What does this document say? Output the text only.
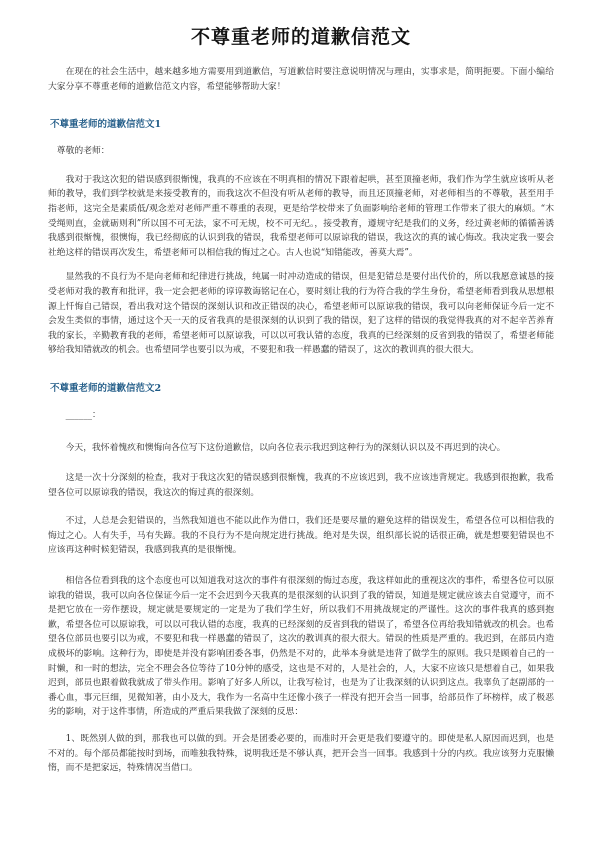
不尊重老师的道歉信范文

在现在的社会生活中，越来越多地方需要用到道歉信，写道歉信时要注意说明情况与理由，实事求是，简明扼要。下面小编给大家分享不尊重老师的道歉信范文内容，希望能够帮助大家！

不尊重老师的道歉信范文1

尊敬的老师：

我对于我这次犯的错误感到很惭愧，我真的不应该在不明真相的情况下跟着起哄，甚至顶撞老师，我们作为学生就应该听从老师的教导，我们到学校就是来接受教育的，而我这次不但没有听从老师的教导，而且还顶撞老师，对老师相当的不尊敬，甚至用手指老师，这完全是素质低/观念差对老师严重不尊重的表现，更是给学校带来了负面影响给老师的管理工作带来了很大的麻烦。“木受绳则直，金就砺则利”所以国不可无法，家不可无规，校不可无纪。，接受教育，遵规守纪是我们的义务，经过黄老师的循循善诱我感到很惭愧，很懊悔，我已经彻底的认识到我的错误，我希望老师可以原谅我的错误，我这次的真的诚心悔改。我决定我一要会社绝这样的错误再次发生，希望老师可以相信我的悔过之心。古人也说“知错能改，善莫大焉”。

显然我的不良行为不是向老师和纪律进行挑战，纯属一时冲动造成的错误，但是犯错总是要付出代价的，所以我愿意诚恳的接受老师对我的教育和批评，我一定会把老师的谆谆教诲铭记在心，要时刻让我的行为符合我的学生身份，希望老师看到我从思想根源上忏悔自己错误，看出我对这个错误的深刻认识和改正错误的决心，希望老师可以原谅我的错误，我可以向老师保证今后一定不会发生类似的事情，通过这个天一天的反省我真的是很深刻的认识到了我的错误，犯了这样的错误的我觉得我真的对不起辛苦养育我的家长，辛勤教育我的老师，希望老师可以原谅我，可以以可我认错的态度，我真的已经深刻的反省到我的错误了，希望老师能够给我知错就改的机会。也希望同学也要引以为戒，不要犯和我一样愚蠢的错误了，这次的教训真的很大很大。

不尊重老师的道歉信范文2

______：

今天，我怀着愧疚和懊悔向各位写下这份道歉信，以向各位表示我迟到这种行为的深刻认识以及不再迟到的决心。

这是一次十分深刻的检查，我对于我这次犯的错误感到很惭愧，我真的不应该迟到，我不应该违背规定。我感到很抱歉，我希望各位可以原谅我的错误，我这次的悔过真的很深刻。

不过，人总是会犯错误的，当然我知道也不能以此作为借口，我们还是要尽量的避免这样的错误发生，希望各位可以相信我的悔过之心。人有失手，马有失蹄。我的不良行为不是向规定进行挑战。绝对是失误，组织部长说的话很正确，就是想要犯错误也不应该再这种时候犯错误，我感到我真的是很惭愧。

相信各位看到我的这个态度也可以知道我对这次的事件有很深刻的悔过态度，我这样如此的重视这次的事件，希望各位可以原谅我的错误，我可以向各位保证今后一定不会迟到今天我真的是很深刻的认识到了我的错误，知道是规定就应该去自觉遵守，而不是把它放在一旁作摆设，规定就是要规定的一定是为了我们学生好，所以我们不用挑战规定的严谨性。这次的事件我真的感到抱歉，希望各位可以原谅我，可以以可我认错的态度，我真的已经深刻的反省到我的错误了，希望各位再给我知错就改的机会。也希望各位部员也要引以为戒，不要犯和我一样愚蠢的错误了，这次的教训真的很大很大。错误的性质是严重的。我迟到，在部员内造成极坏的影响。这种行为，即使是并没有影响团委各事，仍然是不对的，此举本身就是违背了做学生的原则。我只是顾着自己的一时懒，和一时的想法，完全不理会各位等待了10分钟的感受，这也是不对的，人是社会的，人，大家不应该只是想着自己，如果我迟到，部员也跟着做我就成了带头作用。影响了好多人所以，让我写检讨，也是为了让我深刻的认识到这点。我辜负了赵副部的一番心血，事元巨细，见微知著，由小及大，我作为一名高中生还像小孩子一样没有把开会当一回事，给部员作了坏榜样，成了极恶劣的影响，对于这件事情，所造成的严重后果我做了深刻的反思：

1、既然别人做的到，那我也可以做的到。开会是团委必要的，而准时开会更是我们要遵守的。即使是私人原因而迟到，也是不对的。每个部员都能按时到场，而唯独我特殊，说明我还是不够认真，把开会当一回事。我感到十分的内疚。我应该努力克服懒惰，而不是把家远，特殊情况当借口。
